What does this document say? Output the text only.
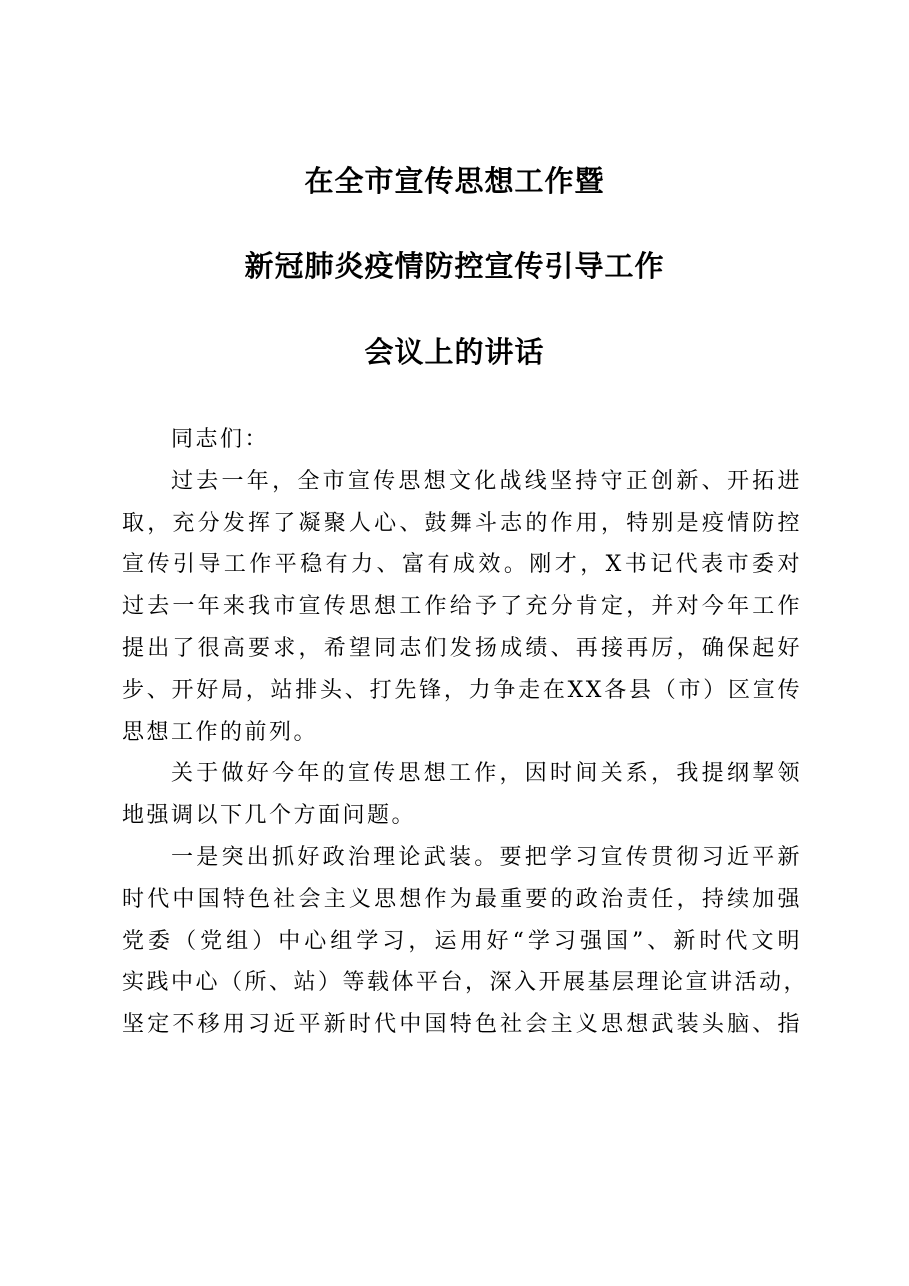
在全市宣传思想工作暨
新冠肺炎疫情防控宣传引导工作
会议上的讲话
同志们：
过去一年，全市宣传思想文化战线坚持守正创新、开拓进
取，充分发挥了凝聚人心、鼓舞斗志的作用，特别是疫情防控
宣传引导工作平稳有力、富有成效。刚才，X书记代表市委对
过去一年来我市宣传思想工作给予了充分肯定，并对今年工作
提出了很高要求，希望同志们发扬成绩、再接再厉，确保起好
步、开好局，站排头、打先锋，力争走在XX各县（市）区宣传
思想工作的前列。
关于做好今年的宣传思想工作，因时间关系，我提纲挈领
地强调以下几个方面问题。
一是突出抓好政治理论武装。要把学习宣传贯彻习近平新
时代中国特色社会主义思想作为最重要的政治责任，持续加强
党委（党组）中心组学习，运用好“学习强国”、新时代文明
实践中心（所、站）等载体平台，深入开展基层理论宣讲活动，
坚定不移用习近平新时代中国特色社会主义思想武装头脑、指
